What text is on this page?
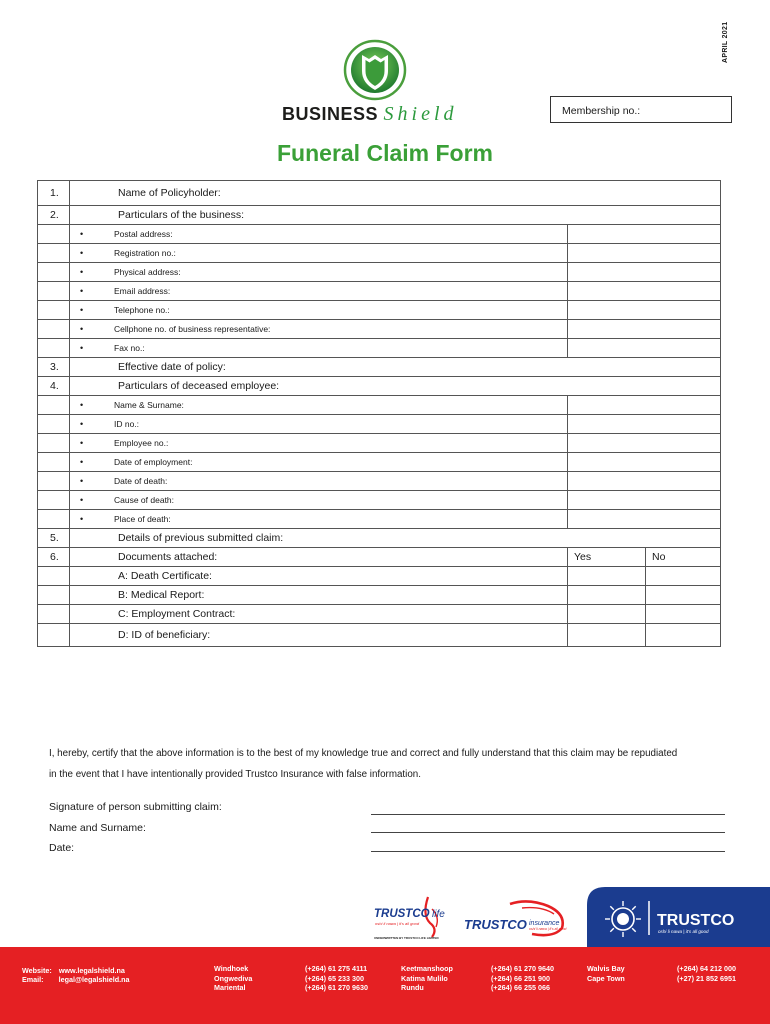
APRIL 2021
BUSINESS Shield	Membership no.:
Funeral Claim Form
1.	Name of Policyholder:		
2.	Particulars of the business:		
	• Postal address:		
	• Registration no.:		
	• Physical address:		
	• Email address:		
	• Telephone no.:		
	• Cellphone no. of business representative:		
	• Fax no.:		
3.	Effective date of policy:		
4.	Particulars of deceased employee:		
	• Name & Surname:		
	• ID no.:		
	• Employee no.:		
	• Date of employment:		
	• Date of death:		
	• Cause of death:		
	• Place of death:		
5.	Details of previous submitted claim:		
6.	Documents attached:	Yes	No
	A: Death Certificate:		
	B: Medical Report:		
	C: Employment Contract:		
	D: ID of beneficiary:		
I, hereby, certify that the above information is to the best of my knowledge true and correct and fully understand that this claim may be repudiated
in the event that I have intentionally provided Trustco Insurance with false information.
Signature of person submitting claim:
Name and Surname:
Date:
TRUSTCO life
oshi li nawa | it's all good
UNDERWRITTEN BY TRUSTCO LIFE LIMITED
TRUSTCO insurance
oshi li nawa | it's all good	TRUSTCO
oshi li nawa | it's all good
Website: www.legalshield.na
Email: legal@legalshield.na
Windhoek
Ongwediva
Mariental
(+264) 61 275 4111
(+264) 65 233 300
(+264) 61 270 9630
Keetmanshoop
Katima Mulilo
Rundu
(+264) 61 270 9640
(+264) 66 251 900
(+264) 66 255 066
Walvis Bay
Cape Town
(+264) 64 212 000
(+27) 21 852 6951
